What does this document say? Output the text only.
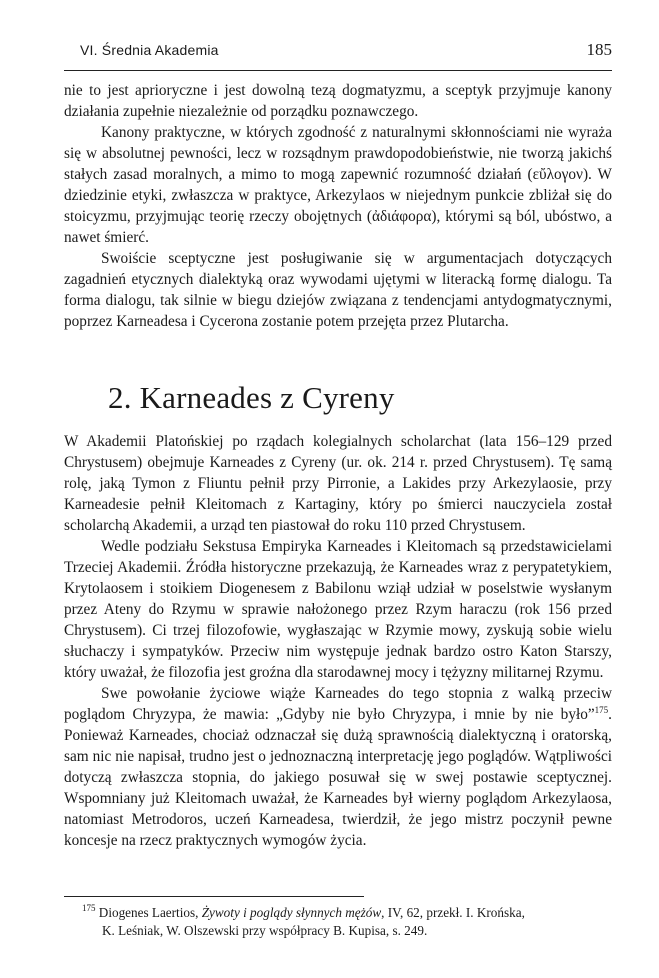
VI. Średnia Akademia	185

nie to jest aprioryczne i jest dowolną tezą dogmatyzmu, a sceptyk przyjmuje kanony działania zupełnie niezależnie od porządku poznawczego.

Kanony praktyczne, w których zgodność z naturalnymi skłonnościami nie wyraża się w absolutnej pewności, lecz w rozsądnym prawdopodobieństwie, nie tworzą jakichś stałych zasad moralnych, a mimo to mogą zapewnić rozumność działań (εὔλογον). W dziedzinie etyki, zwłaszcza w praktyce, Arkezylaos w niejednym punkcie zbliżał się do stoicyzmu, przyjmując teorię rzeczy obojętnych (ἀδιάφορα), którymi są ból, ubóstwo, a nawet śmierć.

Swoiście sceptyczne jest posługiwanie się w argumentacjach dotyczących zagadnień etycznych dialektyką oraz wywodami ujętymi w literacką formę dialogu. Ta forma dialogu, tak silnie w biegu dziejów związana z tendencjami antydogmatycznymi, poprzez Karneadesa i Cycerona zostanie potem przejęta przez Plutarcha.

2. Karneades z Cyreny

W Akademii Platońskiej po rządach kolegialnych scholarchat (lata 156–129 przed Chrystusem) obejmuje Karneades z Cyreny (ur. ok. 214 r. przed Chrystusem). Tę samą rolę, jaką Tymon z Fliuntu pełnił przy Pirronie, a Lakides przy Arkezylaosie, przy Karneadesie pełnił Kleitomach z Kartaginy, który po śmierci nauczyciela został scholarchą Akademii, a urząd ten piastował do roku 110 przed Chrystusem.

Wedle podziału Sekstusa Empiryka Karneades i Kleitomach są przedstawicielami Trzeciej Akademii. Źródła historyczne przekazują, że Karneades wraz z perypatetykiem, Krytolaosem i stoikiem Diogenesem z Babilonu wziął udział w poselstwie wysłanym przez Ateny do Rzymu w sprawie nałożonego przez Rzym haraczu (rok 156 przed Chrystusem). Ci trzej filozofowie, wygłaszając w Rzymie mowy, zyskują sobie wielu słuchaczy i sympatyków. Przeciw nim występuje jednak bardzo ostro Katon Starszy, który uważał, że filozofia jest groźna dla starodawnej mocy i tężyzny militarnej Rzymu.

Swe powołanie życiowe wiąże Karneades do tego stopnia z walką przeciw poglądom Chryzypa, że mawia: „Gdyby nie było Chryzypa, i mnie by nie było”$^{175}$. Ponieważ Karneades, chociaż odznaczał się dużą sprawnością dialektyczną i oratorską, sam nic nie napisał, trudno jest o jednoznaczną interpretację jego poglądów. Wątpliwości dotyczą zwłaszcza stopnia, do jakiego posuwał się w swej postawie sceptycznej. Wspomniany już Kleitomach uważał, że Karneades był wierny poglądom Arkezylaosa, natomiast Metrodoros, uczeń Karneadesa, twierdził, że jego mistrz poczynił pewne koncesje na rzecz praktycznych wymogów życia.

$^{175}$ Diogenes Laertios, Żywoty i poglądy słynnych mężów, IV, 62, przekł. I. Krońska,
K. Leśniak, W. Olszewski przy współpracy B. Kupisa, s. 249.
